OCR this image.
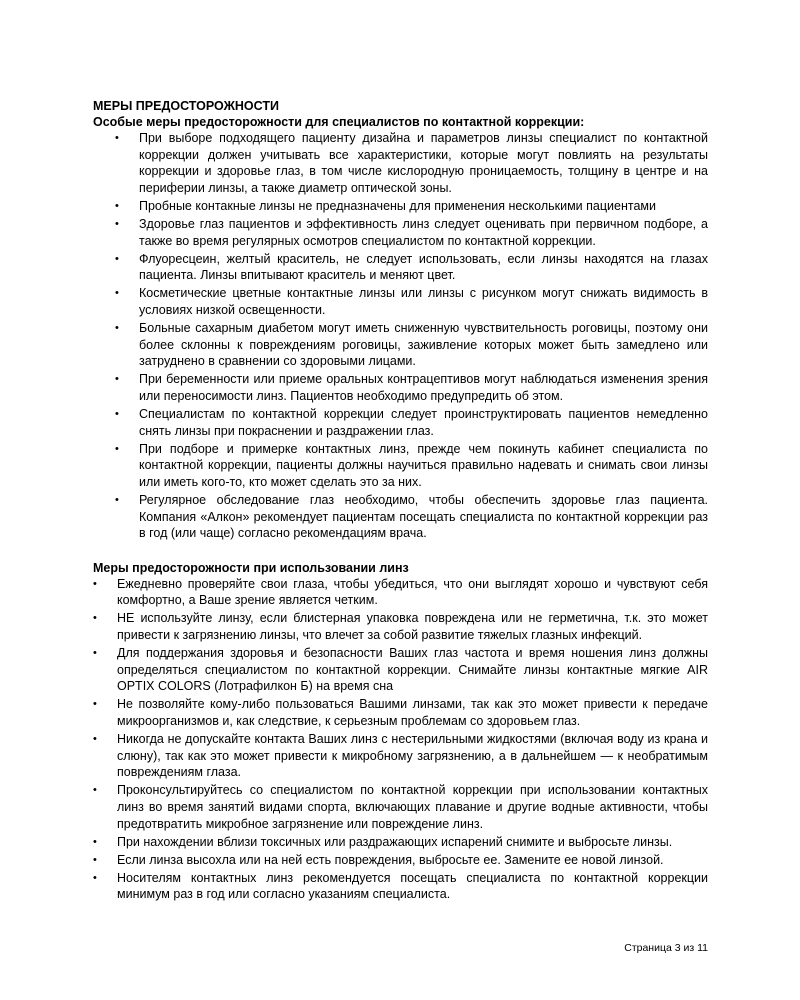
МЕРЫ ПРЕДОСТОРОЖНОСТИ
Особые меры предосторожности для специалистов по контактной коррекции:
• При выборе подходящего пациенту дизайна и параметров линзы специалист по контактной коррекции должен учитывать все характеристики, которые могут повлиять на результаты коррекции и здоровье глаз, в том числе кислородную проницаемость, толщину в центре и на периферии линзы, а также диаметр оптической зоны.
• Пробные контакные линзы не предназначены для применения несколькими пациентами
• Здоровье глаз пациентов и эффективность линз следует оценивать при первичном подборе, а также во время регулярных осмотров специалистом по контактной коррекции.
• Флуоресцеин, желтый краситель, не следует использовать, если линзы находятся на глазах пациента. Линзы впитывают краситель и меняют цвет.
• Косметические цветные контактные линзы или линзы с рисунком могут снижать видимость в условиях низкой освещенности.
• Больные сахарным диабетом могут иметь сниженную чувствительность роговицы, поэтому они более склонны к повреждениям роговицы, заживление которых может быть замедлено или затруднено в сравнении со здоровыми лицами.
• При беременности или приеме оральных контрацептивов могут наблюдаться изменения зрения или переносимости линз. Пациентов необходимо предупредить об этом.
• Специалистам по контактной коррекции следует проинструктировать пациентов немедленно снять линзы при покраснении и раздражении глаз.
• При подборе и примерке контактных линз, прежде чем покинуть кабинет специалиста по контактной коррекции, пациенты должны научиться правильно надевать и снимать свои линзы или иметь кого-то, кто может сделать это за них.
• Регулярное обследование глаз необходимо, чтобы обеспечить здоровье глаз пациента. Компания «Алкон» рекомендует пациентам посещать специалиста по контактной коррекции раз в год (или чаще) согласно рекомендациям врача.
Меры предосторожности при использовании линз
• Ежедневно проверяйте свои глаза, чтобы убедиться, что они выглядят хорошо и чувствуют себя комфортно, а Ваше зрение является четким.
• НЕ используйте линзу, если блистерная упаковка повреждена или не герметична, т.к. это может привести к загрязнению линзы, что влечет за собой развитие тяжелых глазных инфекций.
• Для поддержания здоровья и безопасности Ваших глаз частота и время ношения линз должны определяться специалистом по контактной коррекции. Снимайте линзы контактные мягкие AIR OPTIX COLORS (Лотрафилкон Б) на время сна
• Не позволяйте кому-либо пользоваться Вашими линзами, так как это может привести к передаче микроорганизмов и, как следствие, к серьезным проблемам со здоровьем глаз.
• Никогда не допускайте контакта Ваших линз с нестерильными жидкостями (включая воду из крана и слюну), так как это может привести к микробному загрязнению, а в дальнейшем — к необратимым повреждениям глаза.
• Проконсультируйтесь со специалистом по контактной коррекции при использовании контактных линз во время занятий видами спорта, включающих плавание и другие водные активности, чтобы предотвратить микробное загрязнение или повреждение линз.
• При нахождении вблизи токсичных или раздражающих испарений снимите и выбросьте линзы.
• Если линза высохла или на ней есть повреждения, выбросьте ее. Замените ее новой линзой.
• Носителям контактных линз рекомендуется посещать специалиста по контактной коррекции минимум раз в год или согласно указаниям специалиста.
Страница 3 из 11
